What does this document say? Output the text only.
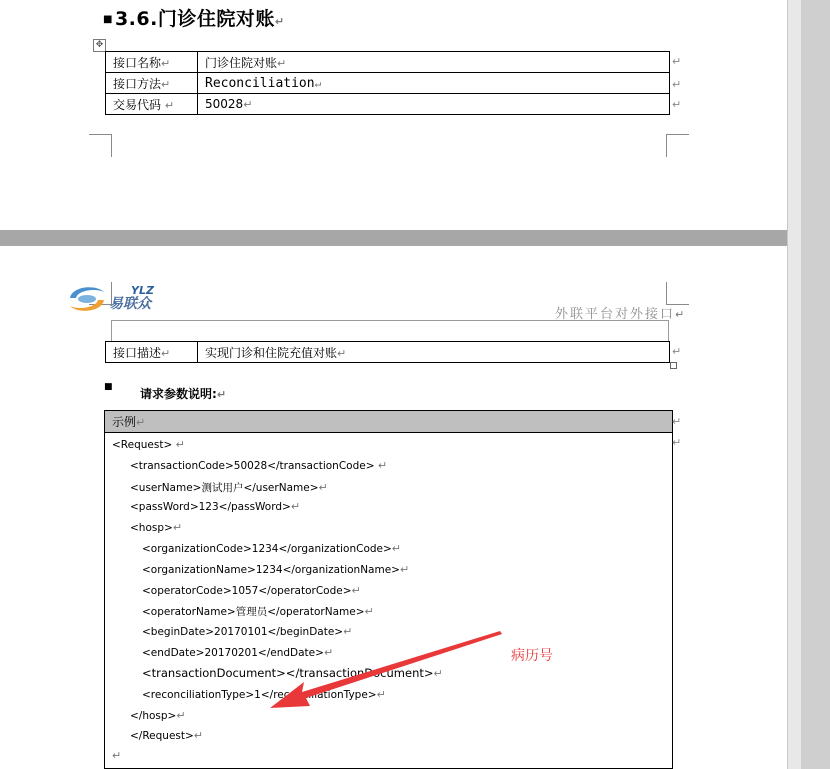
■ 3.6.门诊住院对账↵
✥
接口名称↵	门诊住院对账↵
接口方法↵	Reconciliation↵
交易代码 ↵	50028↵
↵
↵
↵
YLZ
易联众
外联平台对外接口↵
接口描述↵	实现门诊和住院充值对账↵	↵
■ 请求参数说明:↵
示例↵
<Request> ↵
<transactionCode>50028</transactionCode> ↵
<userName>测试用户</userName>↵
<passWord>123</passWord>↵
<hosp>↵
<organizationCode>1234</organizationCode>↵
<organizationName>1234</organizationName>↵
<operatorCode>1057</operatorCode>↵
<operatorName>管理员</operatorName>↵
<beginDate>20170101</beginDate>↵
<endDate>20170201</endDate>↵
<transactionDocument></transactionDocument>↵
<reconciliationType>1</reconciliationType>↵
</hosp>↵
</Request>↵
↵
↵
↵
病历号
